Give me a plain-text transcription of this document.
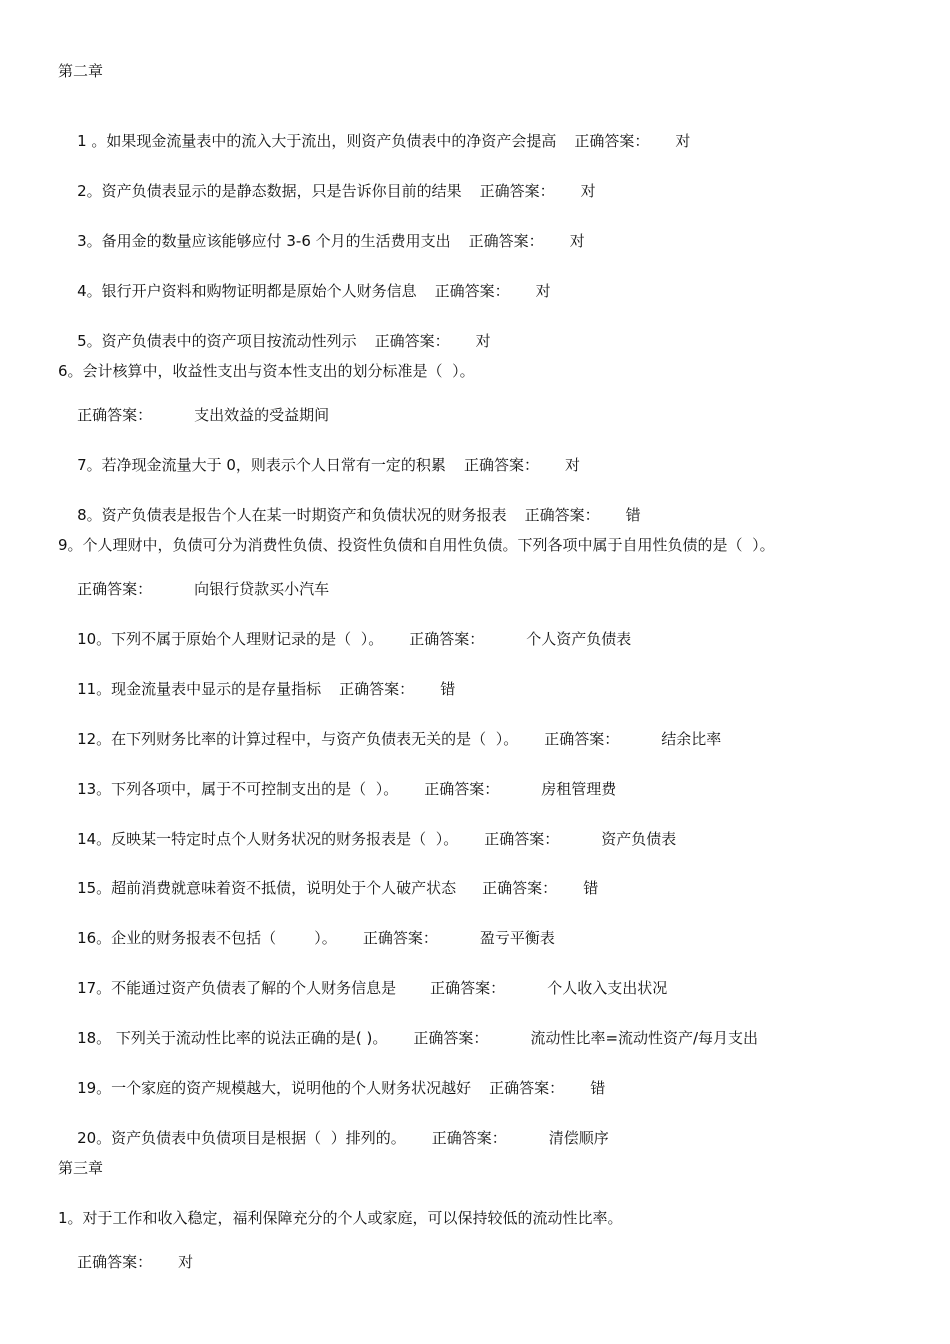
第二章

1 。如果现金流量表中的流入大于流出，则资产负债表中的净资产会提高 正确答案： 对

2。资产负债表显示的是静态数据，只是告诉你目前的结果 正确答案： 对

3。备用金的数量应该能够应付 3-6 个月的生活费用支出 正确答案： 对

4。银行开户资料和购物证明都是原始个人财务信息 正确答案： 对

5。资产负债表中的资产项目按流动性列示 正确答案： 对

6。会计核算中，收益性支出与资本性支出的划分标准是（  ）。

正确答案：	支出效益的受益期间

7。若净现金流量大于 0，则表示个人日常有一定的积累 正确答案： 对

8。资产负债表是报告个人在某一时期资产和负债状况的财务报表 正确答案： 错

9。个人理财中，负债可分为消费性负债、投资性负债和自用性负债。下列各项中属于自用性负债的是（  ）。

正确答案：	向银行贷款买小汽车

10。下列不属于原始个人理财记录的是（  ）。 正确答案：	个人资产负债表

11。现金流量表中显示的是存量指标 正确答案： 错

12。在下列财务比率的计算过程中，与资产负债表无关的是（  ）。 正确答案：	结余比率

13。下列各项中，属于不可控制支出的是（  ）。 正确答案：	房租管理费

14。反映某一特定时点个人财务状况的财务报表是（  ）。 正确答案：	资产负债表

15。超前消费就意味着资不抵债，说明处于个人破产状态 正确答案： 错

16。企业的财务报表不包括（        ）。 正确答案：	盈亏平衡表

17。不能通过资产负债表了解的个人财务信息是 正确答案：	个人收入支出状况

18。 下列关于流动性比率的说法正确的是( )。 正确答案：	流动性比率=流动性资产/每月支出

19。一个家庭的资产规模越大，说明他的个人财务状况越好 正确答案： 错

20。资产负债表中负债项目是根据（  ）排列的。 正确答案：	清偿顺序

第三章
1。对于工作和收入稳定，福利保障充分的个人或家庭，可以保持较低的流动性比率。

正确答案： 对
